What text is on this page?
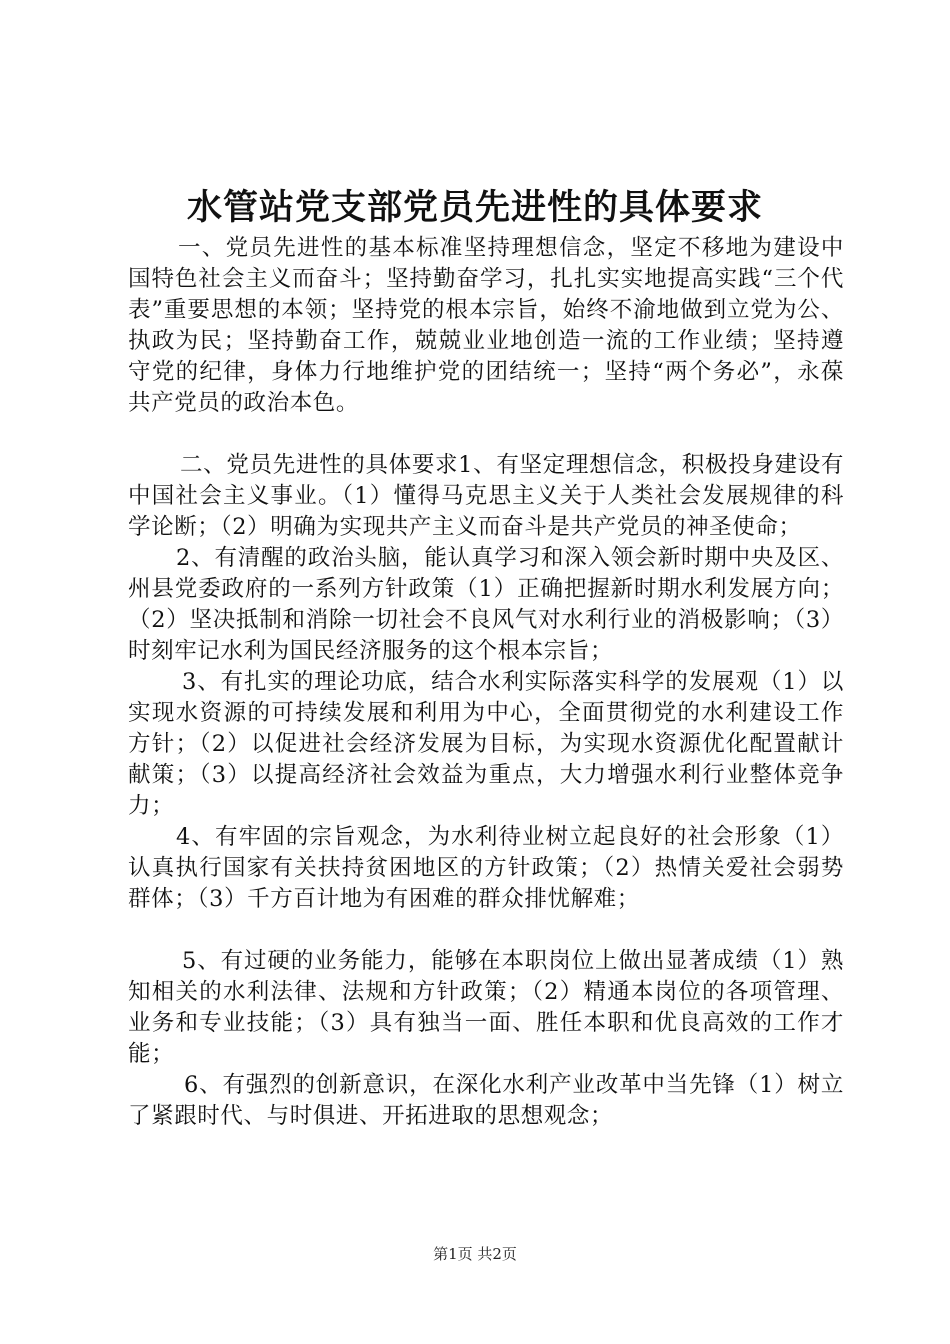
水管站党支部党员先进性的具体要求

一、党员先进性的基本标准坚持理想信念，坚定不移地为建设中国特色社会主义而奋斗；坚持勤奋学习，扎扎实实地提高实践“三个代表”重要思想的本领；坚持党的根本宗旨，始终不渝地做到立党为公、执政为民；坚持勤奋工作，兢兢业业地创造一流的工作业绩；坚持遵守党的纪律，身体力行地维护党的团结统一；坚持“两个务必”，永葆共产党员的政治本色。

二、党员先进性的具体要求1、有坚定理想信念，积极投身建设有中国社会主义事业。（1）懂得马克思主义关于人类社会发展规律的科学论断；（2）明确为实现共产主义而奋斗是共产党员的神圣使命；

2、有清醒的政治头脑，能认真学习和深入领会新时期中央及区、州县党委政府的一系列方针政策（1）正确把握新时期水利发展方向；（2）坚决抵制和消除一切社会不良风气对水利行业的消极影响；（3）时刻牢记水利为国民经济服务的这个根本宗旨；

3、有扎实的理论功底，结合水利实际落实科学的发展观（1）以实现水资源的可持续发展和利用为中心，全面贯彻党的水利建设工作方针；（2）以促进社会经济发展为目标，为实现水资源优化配置献计献策；（3）以提高经济社会效益为重点，大力增强水利行业整体竞争力；

4、有牢固的宗旨观念，为水利待业树立起良好的社会形象（1）认真执行国家有关扶持贫困地区的方针政策；（2）热情关爱社会弱势群体；（3）千方百计地为有困难的群众排忧解难；

5、有过硬的业务能力，能够在本职岗位上做出显著成绩（1）熟知相关的水利法律、法规和方针政策；（2）精通本岗位的各项管理、业务和专业技能；（3）具有独当一面、胜任本职和优良高效的工作才能；

6、有强烈的创新意识，在深化水利产业改革中当先锋（1）树立了紧跟时代、与时俱进、开拓进取的思想观念；

第1页 共2页
